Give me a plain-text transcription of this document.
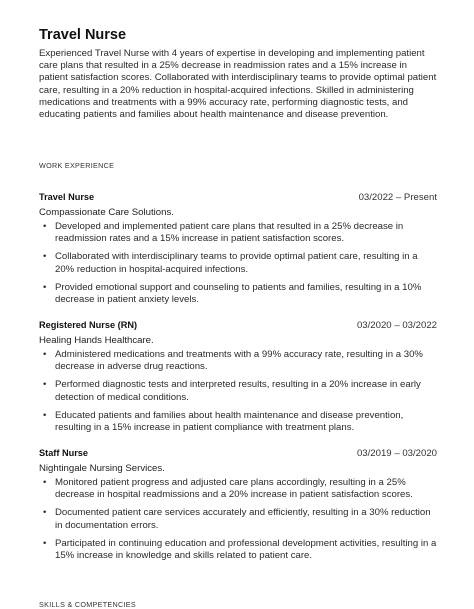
Travel Nurse

Experienced Travel Nurse with 4 years of expertise in developing and implementing patient care plans that resulted in a 25% decrease in readmission rates and a 15% increase in patient satisfaction scores. Collaborated with interdisciplinary teams to provide optimal patient care, resulting in a 20% reduction in hospital-acquired infections. Skilled in administering medications and treatments with a 99% accuracy rate, performing diagnostic tests, and educating patients and families about health maintenance and disease prevention.

WORK EXPERIENCE
Travel Nurse	03/2022 – Present
Compassionate Care Solutions.
• Developed and implemented patient care plans that resulted in a 25% decrease in readmission rates and a 15% increase in patient satisfaction scores.
• Collaborated with interdisciplinary teams to provide optimal patient care, resulting in a 20% reduction in hospital-acquired infections.
• Provided emotional support and counseling to patients and families, resulting in a 10% decrease in patient anxiety levels.
Registered Nurse (RN)	03/2020 – 03/2022
Healing Hands Healthcare.
• Administered medications and treatments with a 99% accuracy rate, resulting in a 30% decrease in adverse drug reactions.
• Performed diagnostic tests and interpreted results, resulting in a 20% increase in early detection of medical conditions.
• Educated patients and families about health maintenance and disease prevention, resulting in a 15% increase in patient compliance with treatment plans.
Staff Nurse	03/2019 – 03/2020
Nightingale Nursing Services.
• Monitored patient progress and adjusted care plans accordingly, resulting in a 25% decrease in hospital readmissions and a 20% increase in patient satisfaction scores.
• Documented patient care services accurately and efficiently, resulting in a 30% reduction in documentation errors.
• Participated in continuing education and professional development activities, resulting in a 15% increase in knowledge and skills related to patient care.
SKILLS & COMPETENCIES
